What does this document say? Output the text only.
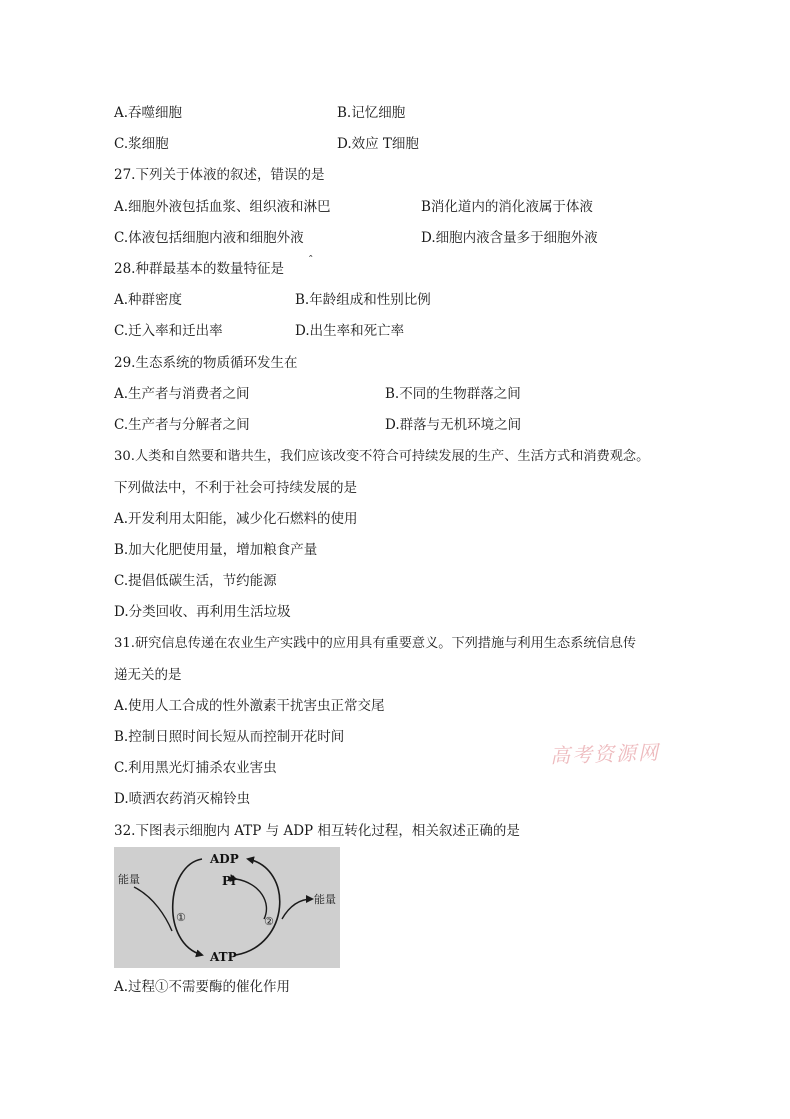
A.吞噬细胞	B.记忆细胞
C.浆细胞	D.效应 T细胞
27.下列关于体液的叙述，错误的是
A.细胞外液包括血浆、组织液和淋巴	B消化道内的消化液属于体液
C.体液包括细胞内液和细胞外液	D.细胞内液含量多于细胞外液
28.种群最基本的数量特征是
ˆ
A.种群密度	B.年龄组成和性别比例
C.迁入率和迁出率	D.出生率和死亡率
29.生态系统的物质循环发生在
A.生产者与消费者之间	B.不同的生物群落之间
C.生产者与分解者之间	D.群落与无机环境之间
30.人类和自然要和谐共生，我们应该改变不符合可持续发展的生产、生活方式和消费观念。
下列做法中，不利于社会可持续发展的是
A.开发利用太阳能，减少化石燃料的使用
B.加大化肥使用量，增加粮食产量
C.提倡低碳生活，节约能源
D.分类回收、再利用生活垃圾
31.研究信息传递在农业生产实践中的应用具有重要意义。下列措施与利用生态系统信息传
递无关的是
A.使用人工合成的性外激素干扰害虫正常交尾
B.控制日照时间长短从而控制开花时间
C.利用黑光灯捕杀农业害虫
D.喷洒农药消灭棉铃虫
高考资源网
32.下图表示细胞内 ATP 与 ADP 相互转化过程，相关叙述正确的是
ADP
Pi
ATP
能量
能量
①	②
A.过程①不需要酶的催化作用
